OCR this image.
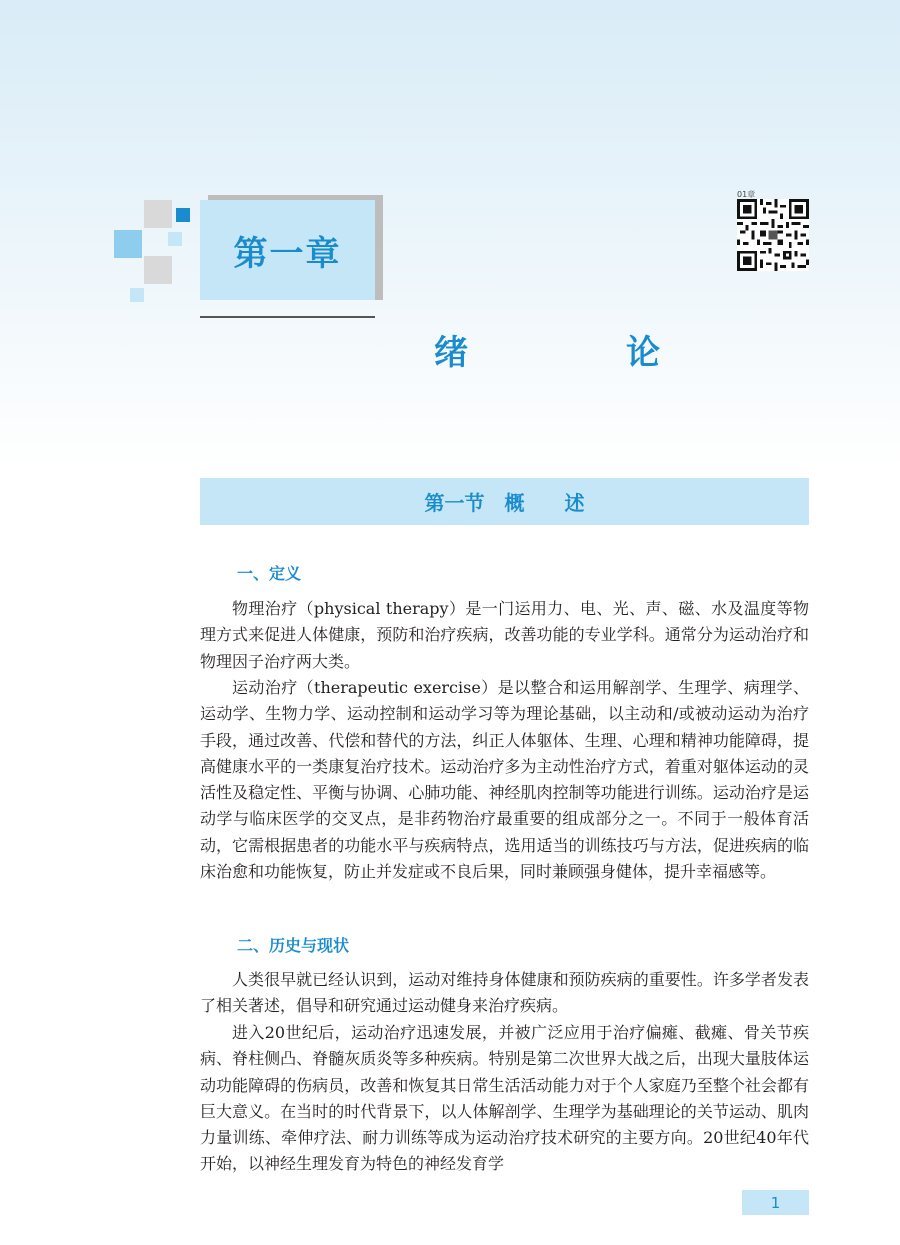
第一章
绪　论
01章
第一节　概　　述
一、定义

物理治疗（physical therapy）是一门运用力、电、光、声、磁、水及温度等物理方式来促进人体健康，预防和治疗疾病，改善功能的专业学科。通常分为运动治疗和物理因子治疗两大类。

运动治疗（therapeutic exercise）是以整合和运用解剖学、生理学、病理学、运动学、生物力学、运动控制和运动学习等为理论基础，以主动和/或被动运动为治疗手段，通过改善、代偿和替代的方法，纠正人体躯体、生理、心理和精神功能障碍，提高健康水平的一类康复治疗技术。运动治疗多为主动性治疗方式，着重对躯体运动的灵活性及稳定性、平衡与协调、心肺功能、神经肌肉控制等功能进行训练。运动治疗是运动学与临床医学的交叉点，是非药物治疗最重要的组成部分之一。不同于一般体育活动，它需根据患者的功能水平与疾病特点，选用适当的训练技巧与方法，促进疾病的临床治愈和功能恢复，防止并发症或不良后果，同时兼顾强身健体，提升幸福感等。

二、历史与现状

人类很早就已经认识到，运动对维持身体健康和预防疾病的重要性。许多学者发表了相关著述，倡导和研究通过运动健身来治疗疾病。

进入20世纪后，运动治疗迅速发展，并被广泛应用于治疗偏瘫、截瘫、骨关节疾病、脊柱侧凸、脊髓灰质炎等多种疾病。特别是第二次世界大战之后，出现大量肢体运动功能障碍的伤病员，改善和恢复其日常生活活动能力对于个人家庭乃至整个社会都有巨大意义。在当时的时代背景下，以人体解剖学、生理学为基础理论的关节运动、肌肉力量训练、牵伸疗法、耐力训练等成为运动治疗技术研究的主要方向。20世纪40年代开始，以神经生理发育为特色的神经发育学

1
